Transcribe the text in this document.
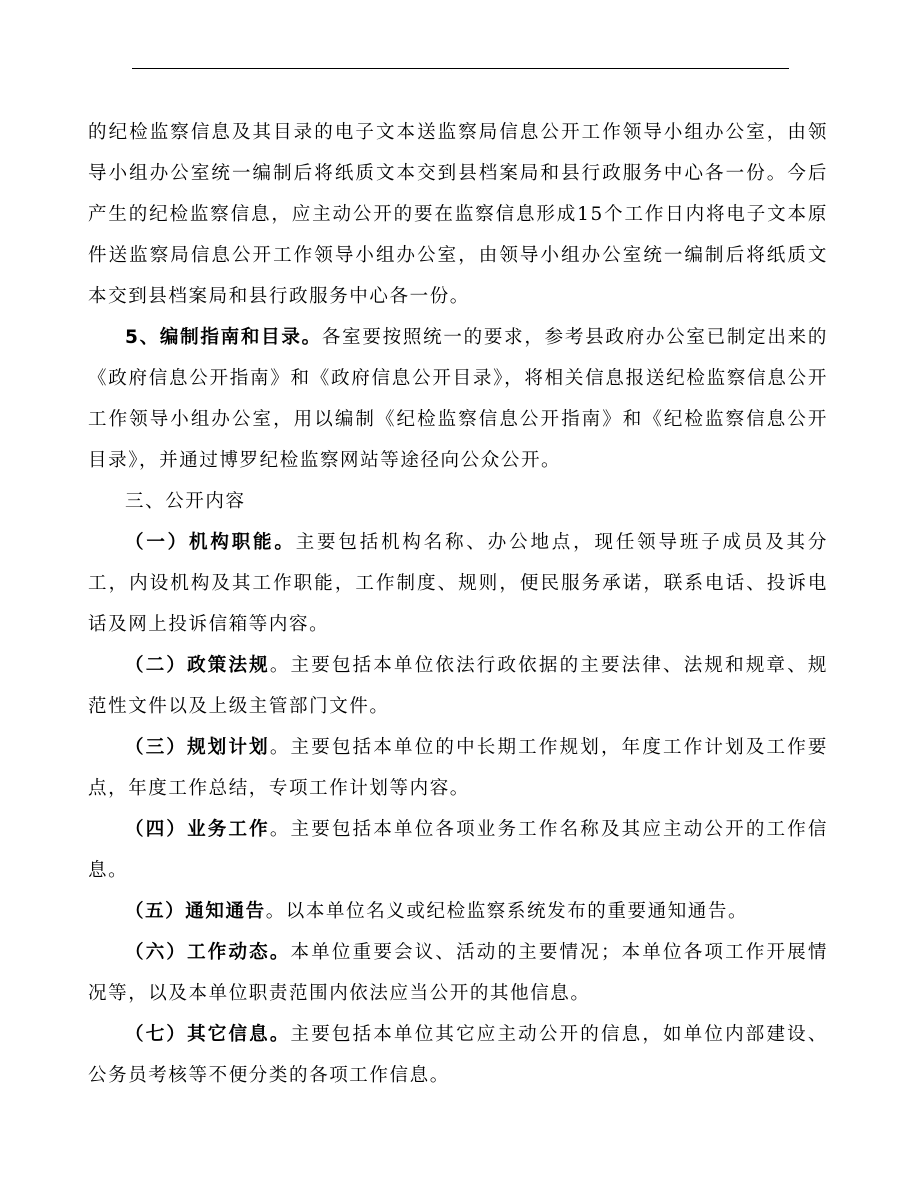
的纪检监察信息及其目录的电子文本送监察局信息公开工作领导小组办公室，由领导小组办公室统一编制后将纸质文本交到县档案局和县行政服务中心各一份。今后产生的纪检监察信息，应主动公开的要在监察信息形成15个工作日内将电子文本原件送监察局信息公开工作领导小组办公室，由领导小组办公室统一编制后将纸质文本交到县档案局和县行政服务中心各一份。

5、编制指南和目录。各室要按照统一的要求，参考县政府办公室已制定出来的《政府信息公开指南》和《政府信息公开目录》，将相关信息报送纪检监察信息公开工作领导小组办公室，用以编制《纪检监察信息公开指南》和《纪检监察信息公开目录》，并通过博罗纪检监察网站等途径向公众公开。

三、公开内容

（一）机构职能。主要包括机构名称、办公地点，现任领导班子成员及其分工，内设机构及其工作职能，工作制度、规则，便民服务承诺，联系电话、投诉电话及网上投诉信箱等内容。

（二）政策法规。主要包括本单位依法行政依据的主要法律、法规和规章、规范性文件以及上级主管部门文件。

（三）规划计划。主要包括本单位的中长期工作规划，年度工作计划及工作要点，年度工作总结，专项工作计划等内容。

（四）业务工作。主要包括本单位各项业务工作名称及其应主动公开的工作信息。

（五）通知通告。以本单位名义或纪检监察系统发布的重要通知通告。

（六）工作动态。本单位重要会议、活动的主要情况；本单位各项工作开展情况等，以及本单位职责范围内依法应当公开的其他信息。

（七）其它信息。主要包括本单位其它应主动公开的信息，如单位内部建设、公务员考核等不便分类的各项工作信息。
